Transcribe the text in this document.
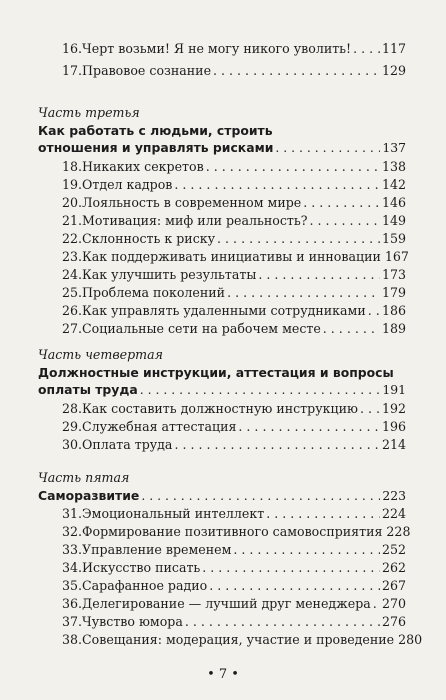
16. Черт возьми! Я не могу никого уволить! . . . 117
17. Правовое сознание . . .	129
Часть третья
Как работать с людьми, строить
отношения и управлять рисками . . .	137
18. Никаких секретов . . .	138
19. Отдел кадров . . .	142
20. Лояльность в современном мире . . .	146
21. Мотивация: миф или реальность? . . .	149
22. Склонность к риску . . .	159
23. Как поддерживать инициативы и инновации 167
24. Как улучшить результаты . . .	173
25. Проблема поколений . . .	179
26. Как управлять удаленными сотрудниками . . . 186
27. Социальные сети на рабочем месте . . .	189
Часть четвертая
Должностные инструкции, аттестация и вопросы
оплаты труда . . .	191
28. Как составить должностную инструкцию . . . 192
29. Служебная аттестация . . .	196
30. Оплата труда . . .	214
Часть пятая
Саморазвитие . . .	223
31. Эмоциональный интеллект . . .	224
32. Формирование позитивного самовосприятия 228
33. Управление временем . . .	252
34. Искусство писать . . .	262
35. Сарафанное радио . . .	267
36. Делегирование — лучший друг менеджера . . . 270
37. Чувство юмора . . .	276
38. Совещания: модерация, участие и проведение 280
• 7 •
